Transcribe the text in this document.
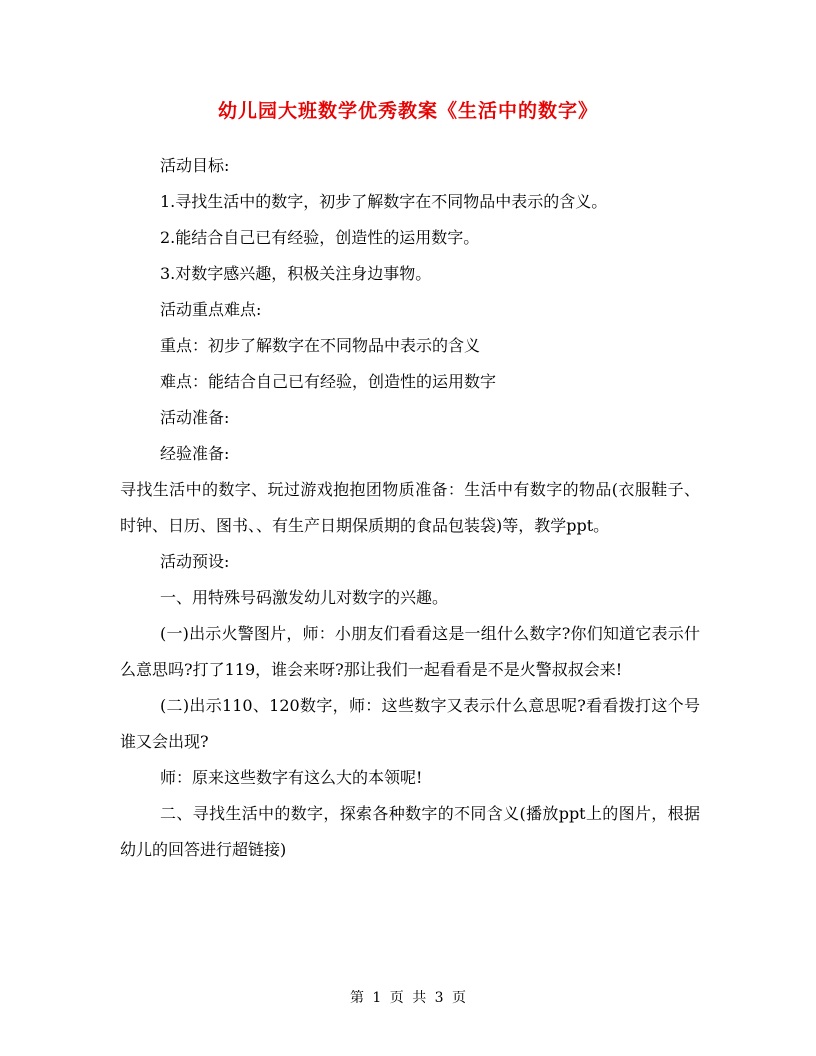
幼儿园大班数学优秀教案《生活中的数字》

活动目标:

1.寻找生活中的数字，初步了解数字在不同物品中表示的含义。

2.能结合自己已有经验，创造性的运用数字。

3.对数字感兴趣，积极关注身边事物。

活动重点难点:

重点：初步了解数字在不同物品中表示的含义

难点：能结合自己已有经验，创造性的运用数字

活动准备:

经验准备:

寻找生活中的数字、玩过游戏抱抱团物质准备：生活中有数字的物品(衣服鞋子、时钟、日历、图书、、有生产日期保质期的食品包装袋)等，教学ppt。

活动预设:

一、用特殊号码激发幼儿对数字的兴趣。

(一)出示火警图片，师：小朋友们看看这是一组什么数字?你们知道它表示什么意思吗?打了119，谁会来呀?那让我们一起看看是不是火警叔叔会来!

(二)出示110、120数字，师：这些数字又表示什么意思呢?看看拨打这个号谁又会出现?

师：原来这些数字有这么大的本领呢!

二、寻找生活中的数字，探索各种数字的不同含义(播放ppt上的图片，根据幼儿的回答进行超链接)

第 1 页 共 3 页
